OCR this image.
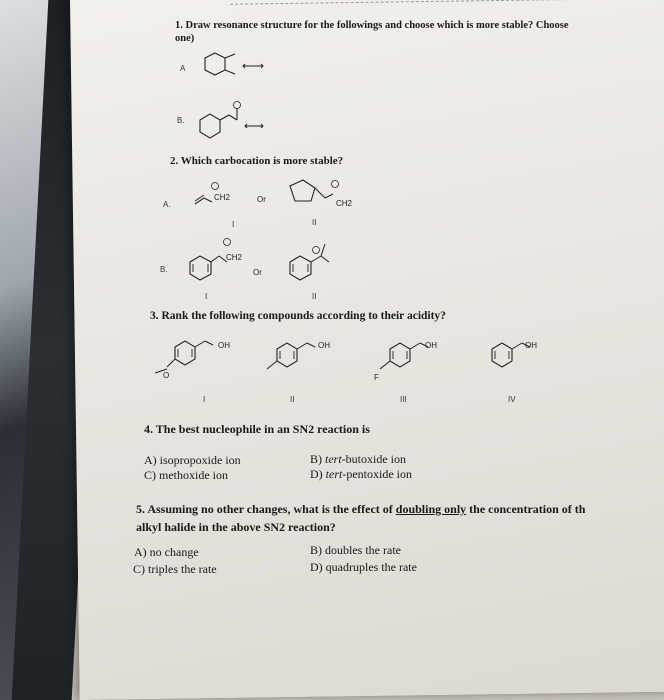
1. Draw resonance structure for the followings and choose which is more stable? Choose
one)
A
B.
2. Which carbocation is more stable?
A.
CH2	Or	CH2
I	II
B.
CH2
Or
I	II
3. Rank the following compounds according to their acidity?
OH
O
OH	OH
F
OH
I	II	III	IV
4. The best nucleophile in an SN2 reaction is
A) isopropoxide ion	B) tert-butoxide ion
C) methoxide ion	D) tert-pentoxide ion
5. Assuming no other changes, what is the effect of doubling only the concentration of th
alkyl halide in the above SN2 reaction?
A) no change	B) doubles the rate
C) triples the rate	D) quadruples the rate
